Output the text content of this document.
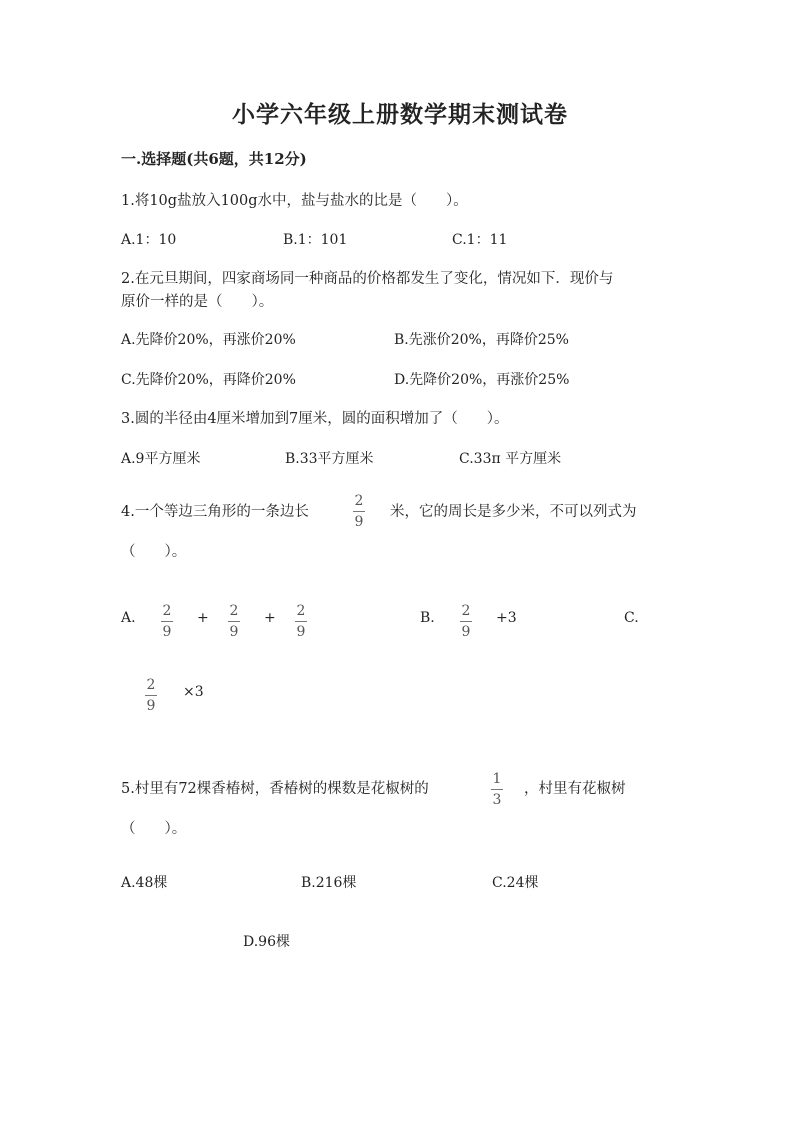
小学六年级上册数学期末测试卷
一.选择题(共6题，共12分)
1.将10g盐放入100g水中，盐与盐水的比是（　　）。
A.1：10	B.1：101	C.1：11
2.在元旦期间，四家商场同一种商品的价格都发生了变化，情况如下．现价与
原价一样的是（　　）。
A.先降价20%，再涨价20%	B.先涨价20%，再降价25%
C.先降价20%，再降价20%	D.先降价20%，再涨价25%
3.圆的半径由4厘米增加到7厘米，圆的面积增加了（　　）。
A.9平方厘米	B.33平方厘米	C.33π 平方厘米
4.一个等边三角形的一条边长
2
9
米，它的周长是多少米，不可以列式为
（　　）。
A. 2
9
+ 2
9
+ 2
9
B. 2
9
+3	C.
2
9
×3
5.村里有72棵香椿树，香椿树的棵数是花椒树的
1
3
，村里有花椒树
（　　）。
A.48棵	B.216棵	C.24棵
D.96棵
